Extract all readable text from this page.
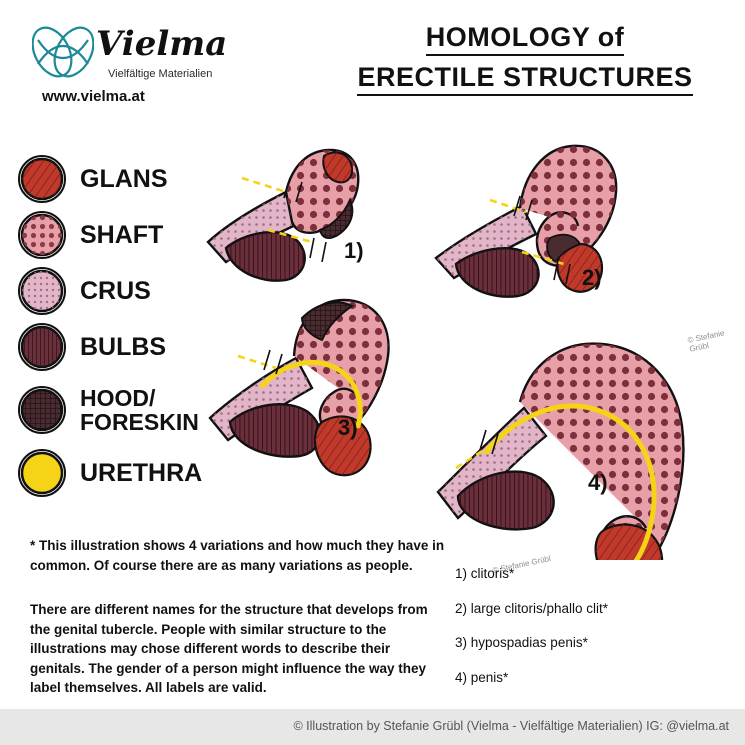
Vielma
Vielfältige Materialien
www.vielma.at
HOMOLOGY of
ERECTILE STRUCTURES
GLANS
SHAFT
CRUS
BULBS
HOOD/
FORESKIN
URETHRA
1)
2)
3)
4)
© Stefanie Grübl
© Stefanie Grübl
* This illustration shows 4 variations and how much they have in common. Of course there are as many variations as people.
There are different names for the structure that develops from the genital tubercle. People with similar structure to the illustrations may chose different words to describe their genitals. The gender of a person might influence the way they label themselves. All labels are valid.
1) clitoris*
2) large clitoris/phallo clit*
3) hypospadias penis*
4) penis*
© Illustration by Stefanie Grübl (Vielma - Vielfältige Materialien) IG: @vielma.at
